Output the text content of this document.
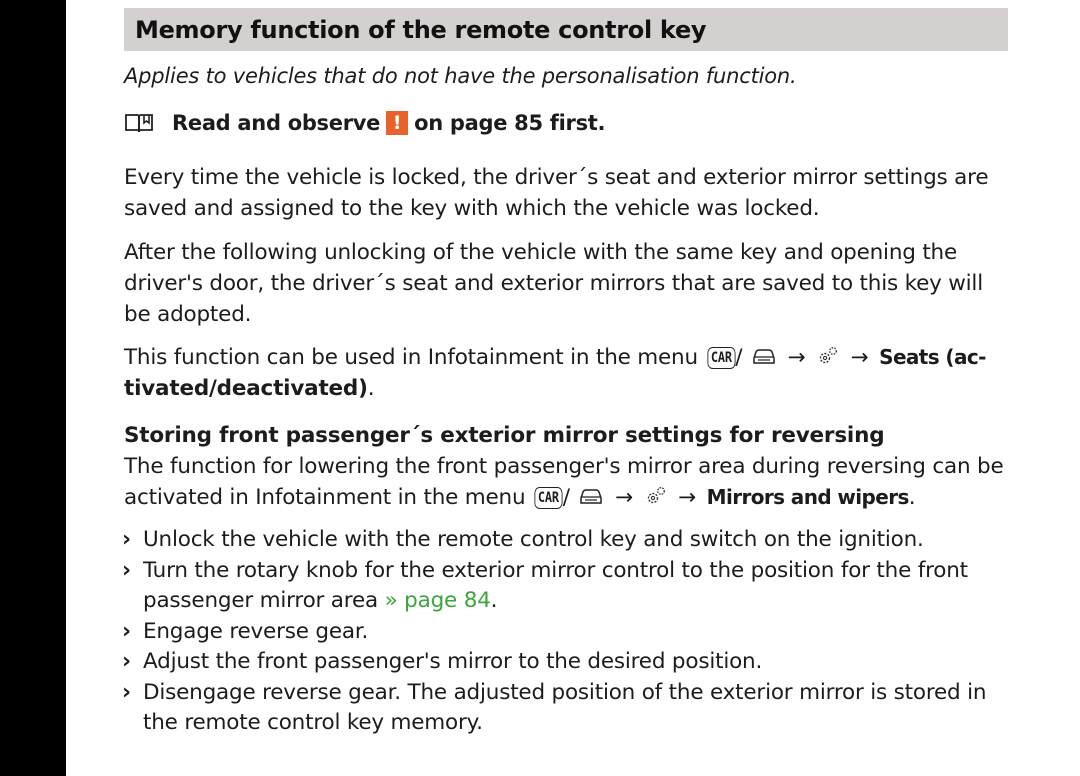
Memory function of the remote control key
Applies to vehicles that do not have the personalisation function.
Read and observe ! on page 85 first.
Every time the vehicle is locked, the driver´s seat and exterior mirror settings are saved and assigned to the key with which the vehicle was locked.
After the following unlocking of the vehicle with the same key and opening the driver's door, the driver´s seat and exterior mirrors that are saved to this key will be adopted.
This function can be used in Infotainment in the menu CAR / → → Seats (ac-
tivated/deactivated).
Storing front passenger´s exterior mirror settings for reversing
The function for lowering the front passenger's mirror area during reversing can be activated in Infotainment in the menu CAR / → → Mirrors and wipers.
› Unlock the vehicle with the remote control key and switch on the ignition.
› Turn the rotary knob for the exterior mirror control to the position for the front passenger mirror area » page 84.
› Engage reverse gear.
› Adjust the front passenger's mirror to the desired position.
› Disengage reverse gear. The adjusted position of the exterior mirror is stored in the remote control key memory.
